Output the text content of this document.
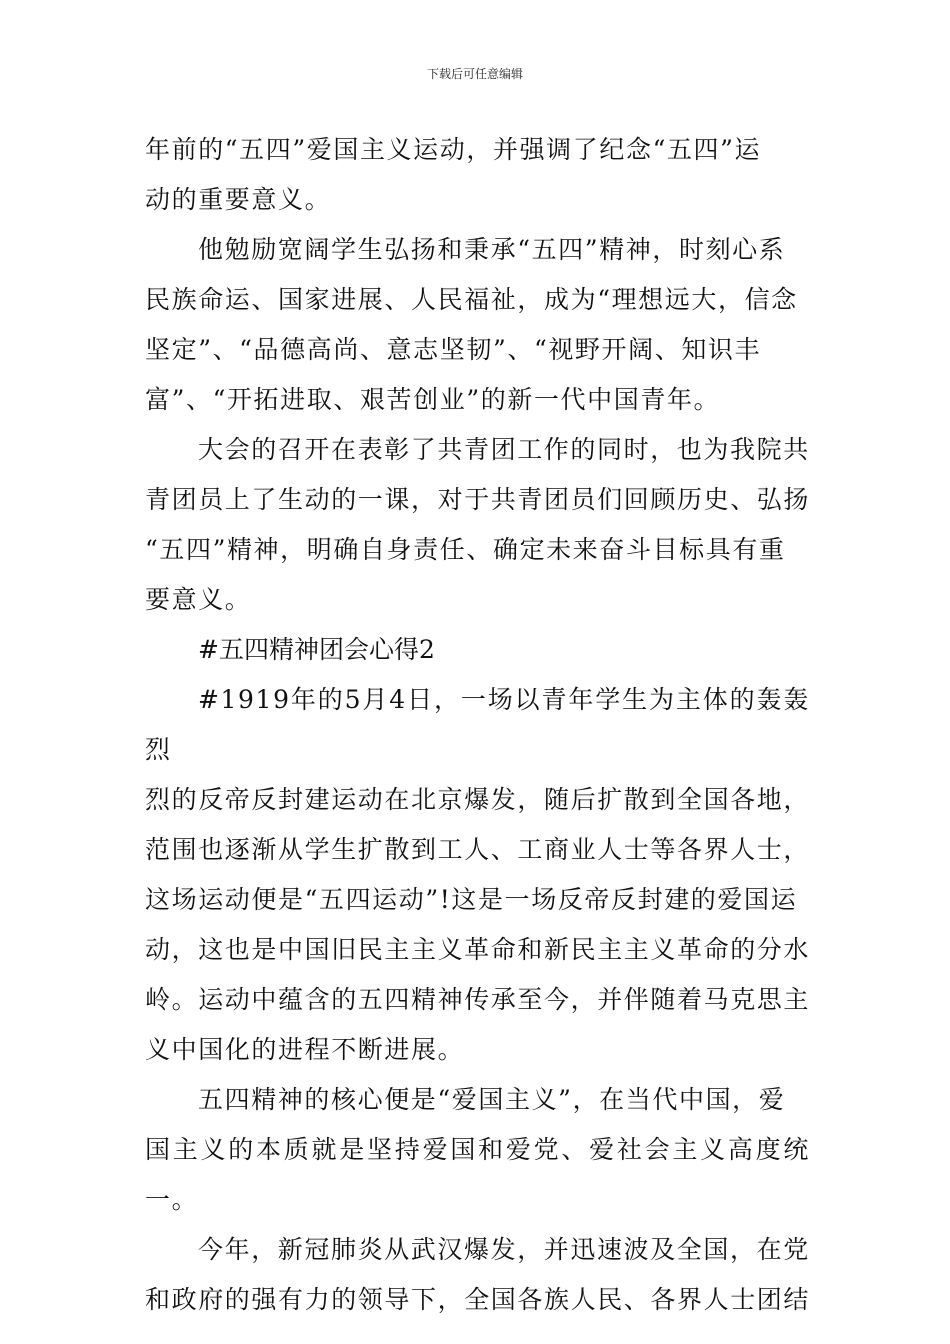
下载后可任意编辑

年前的“五四”爱国主义运动，并强调了纪念“五四”运
动的重要意义。

他勉励宽阔学生弘扬和秉承“五四”精神，时刻心系
民族命运、国家进展、人民福祉，成为“理想远大，信念
坚定”、“品德高尚、意志坚韧”、“视野开阔、知识丰
富”、“开拓进取、艰苦创业”的新一代中国青年。

大会的召开在表彰了共青团工作的同时，也为我院共
青团员上了生动的一课，对于共青团员们回顾历史、弘扬
“五四”精神，明确自身责任、确定未来奋斗目标具有重
要意义。

#五四精神团会心得2

#1919年的5月4日，一场以青年学生为主体的轰轰烈
烈的反帝反封建运动在北京爆发，随后扩散到全国各地，
范围也逐渐从学生扩散到工人、工商业人士等各界人士，
这场运动便是“五四运动”!这是一场反帝反封建的爱国运
动，这也是中国旧民主主义革命和新民主主义革命的分水
岭。运动中蕴含的五四精神传承至今，并伴随着马克思主
义中国化的进程不断进展。

五四精神的核心便是“爱国主义”，在当代中国，爱
国主义的本质就是坚持爱国和爱党、爱社会主义高度统一。

今年，新冠肺炎从武汉爆发，并迅速波及全国，在党
和政府的强有力的领导下，全国各族人民、各界人士团结
